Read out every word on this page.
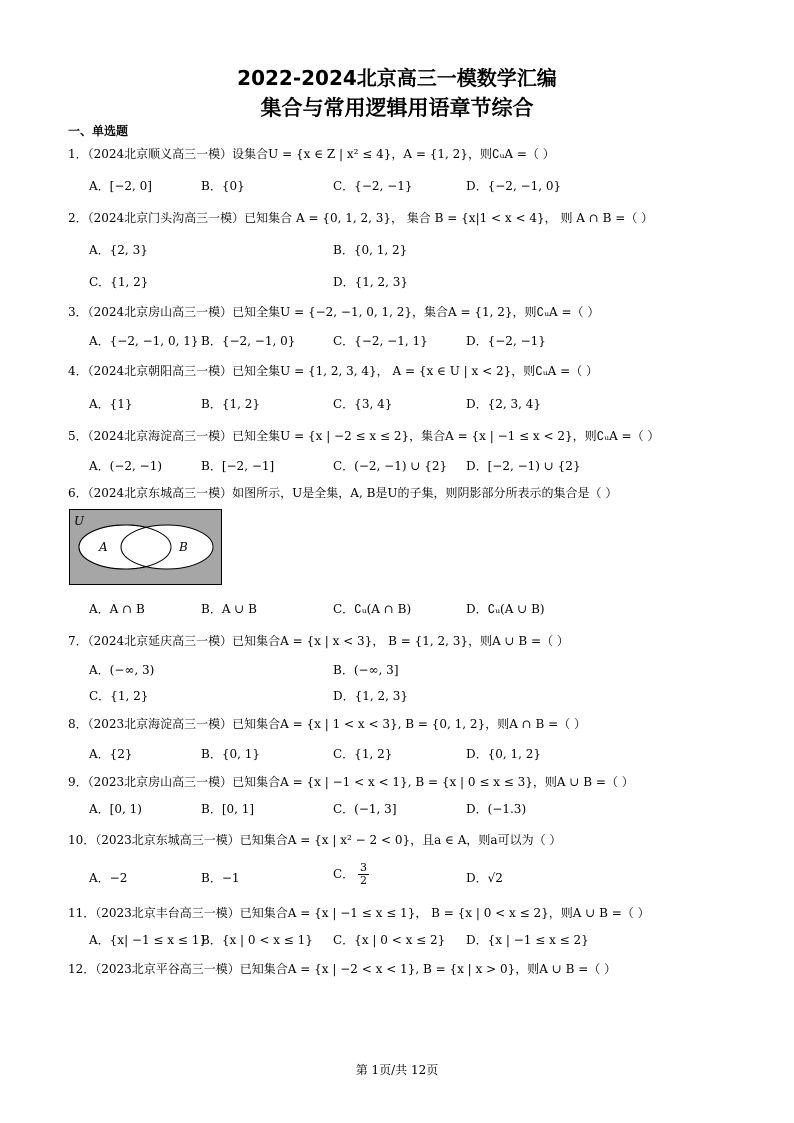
2022-2024北京高三一模数学汇编
集合与常用逻辑用语章节综合
一、单选题
1．（2024北京顺义高三一模）设集合U = {x ∈ Z | x² ≤ 4}，A = {1, 2}，则∁ᵤA =（ ）
A．[−2, 0]	B．{0}	C．{−2, −1}	D．{−2, −1, 0}
2．（2024北京门头沟高三一模）已知集合 A = {0, 1, 2, 3}， 集合 B = {x|1 < x < 4}， 则 A ∩ B =（ ）
A．{2, 3}	B．{0, 1, 2}
C．{1, 2}	D．{1, 2, 3}
3．（2024北京房山高三一模）已知全集U = {−2, −1, 0, 1, 2}，集合A = {1, 2}，则∁ᵤA =（ ）
A．{−2, −1, 0, 1} B．{−2, −1, 0}	C．{−2, −1, 1}	D．{−2, −1}
4．（2024北京朝阳高三一模）已知全集U = {1, 2, 3, 4}， A = {x ∈ U | x < 2}，则∁ᵤA =（ ）
A．{1}	B．{1, 2}	C．{3, 4}	D．{2, 3, 4}
5．（2024北京海淀高三一模）已知全集U = {x | −2 ≤ x ≤ 2}，集合A = {x | −1 ≤ x < 2}，则∁ᵤA =（ ）
A．(−2, −1)	B．[−2, −1]	C．(−2, −1) ∪ {2} D．[−2, −1) ∪ {2}
6．（2024北京东城高三一模）如图所示，U是全集，A, B是U的子集，则阴影部分所表示的集合是（ ）
U
A	B
A．A ∩ B	B．A ∪ B	C．∁ᵤ(A ∩ B)	D．∁ᵤ(A ∪ B)
7．（2024北京延庆高三一模）已知集合A = {x | x < 3}， B = {1, 2, 3}，则A ∪ B =（ ）
A．(−∞, 3)	B．(−∞, 3]
C．{1, 2}	D．{1, 2, 3}
8．（2023北京海淀高三一模）已知集合A = {x | 1 < x < 3}, B = {0, 1, 2}，则A ∩ B =（ ）
A．{2}	B．{0, 1}	C．{1, 2}	D．{0, 1, 2}
9．（2023北京房山高三一模）已知集合A = {x | −1 < x < 1}, B = {x | 0 ≤ x ≤ 3}，则A ∪ B =（ ）
A．[0, 1)	B．[0, 1]	C．(−1, 3]	D．(−1.3)
10．（2023北京东城高三一模）已知集合A = {x | x² − 2 < 0}，且a ∈ A，则a可以为（ ）
A．−2	B．−1	C． $\frac{3}{2}$	D．√2
11．（2023北京丰台高三一模）已知集合A = {x | −1 ≤ x ≤ 1}， B = {x | 0 < x ≤ 2}，则A ∪ B =（ ）
A．{x| −1 ≤ x ≤ 1}
B．{x | 0 < x ≤ 1} C．{x | 0 < x ≤ 2} D．{x | −1 ≤ x ≤ 2}
12．（2023北京平谷高三一模）已知集合A = {x | −2 < x < 1}, B = {x | x > 0}，则A ∪ B =（ ）
第 1页/共 12页
